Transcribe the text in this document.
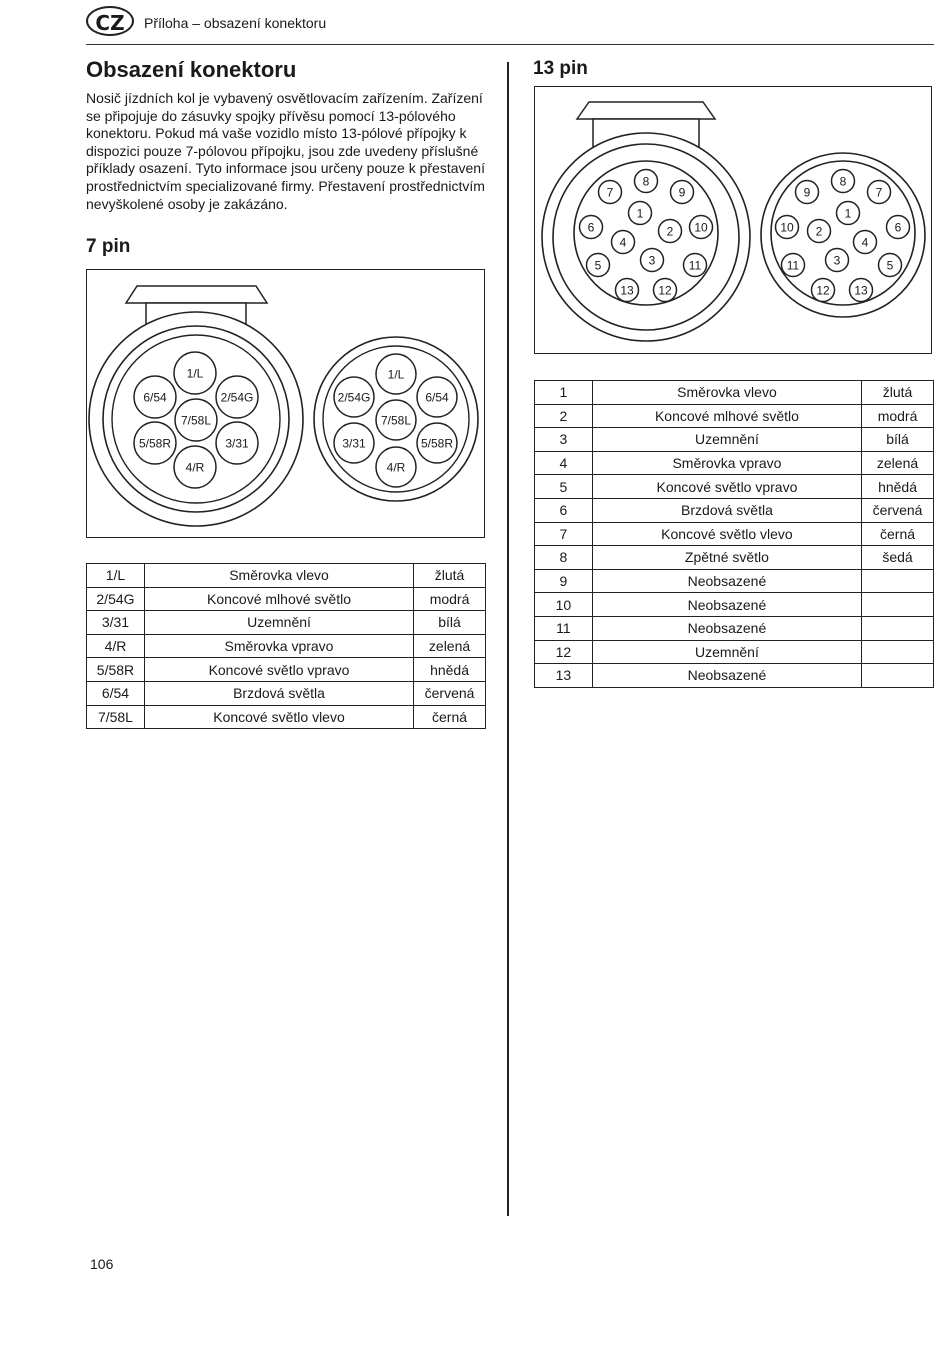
CZ	Příloha – obsazení konektoru
Obsazení konektoru

Nosič jízdních kol je vybavený osvětlovacím zařízením. Zařízení se připojuje do zásuvky spojky přívěsu pomocí 13-pólového konektoru. Pokud má vaše vozidlo místo 13-pólové přípojky k dispozici pouze 7-pólovou přípojku, jsou zde uvedeny příslušné příklady osazení. Tyto informace jsou určeny pouze k přestavení prostřednictvím specializované firmy. Přestavení prostřednictvím nevyškolené osoby je zakázáno.

7 pin
1/L
2/54G
7/58L
6/54
3/31
4/R
5/58R
1/L
6/54
7/58L
2/54G
5/58R
4/R
3/31
1/L	Směrovka vlevo	žlutá
2/54G	Koncové mlhové světlo	modrá
3/31	Uzemnění	bílá
4/R	Směrovka vpravo	zelená
5/58R	Koncové světlo vpravo	hnědá
6/54	Brzdová světla	červená
7/58L	Koncové světlo vlevo	černá
13 pin
8
7	9
1
6	2 10
4
3
5	11
13 12
8
9	7
1
10 2	6
4
3
11	5
12 13
1	Směrovka vlevo	žlutá
2	Koncové mlhové světlo	modrá
3	Uzemnění	bílá
4	Směrovka vpravo	zelená
5	Koncové světlo vpravo	hnědá
6	Brzdová světla	červená
7	Koncové světlo vlevo	černá
8	Zpětné světlo	šedá
9	Neobsazené	
10	Neobsazené	
11	Neobsazené	
12	Uzemnění	
13	Neobsazené	
106
